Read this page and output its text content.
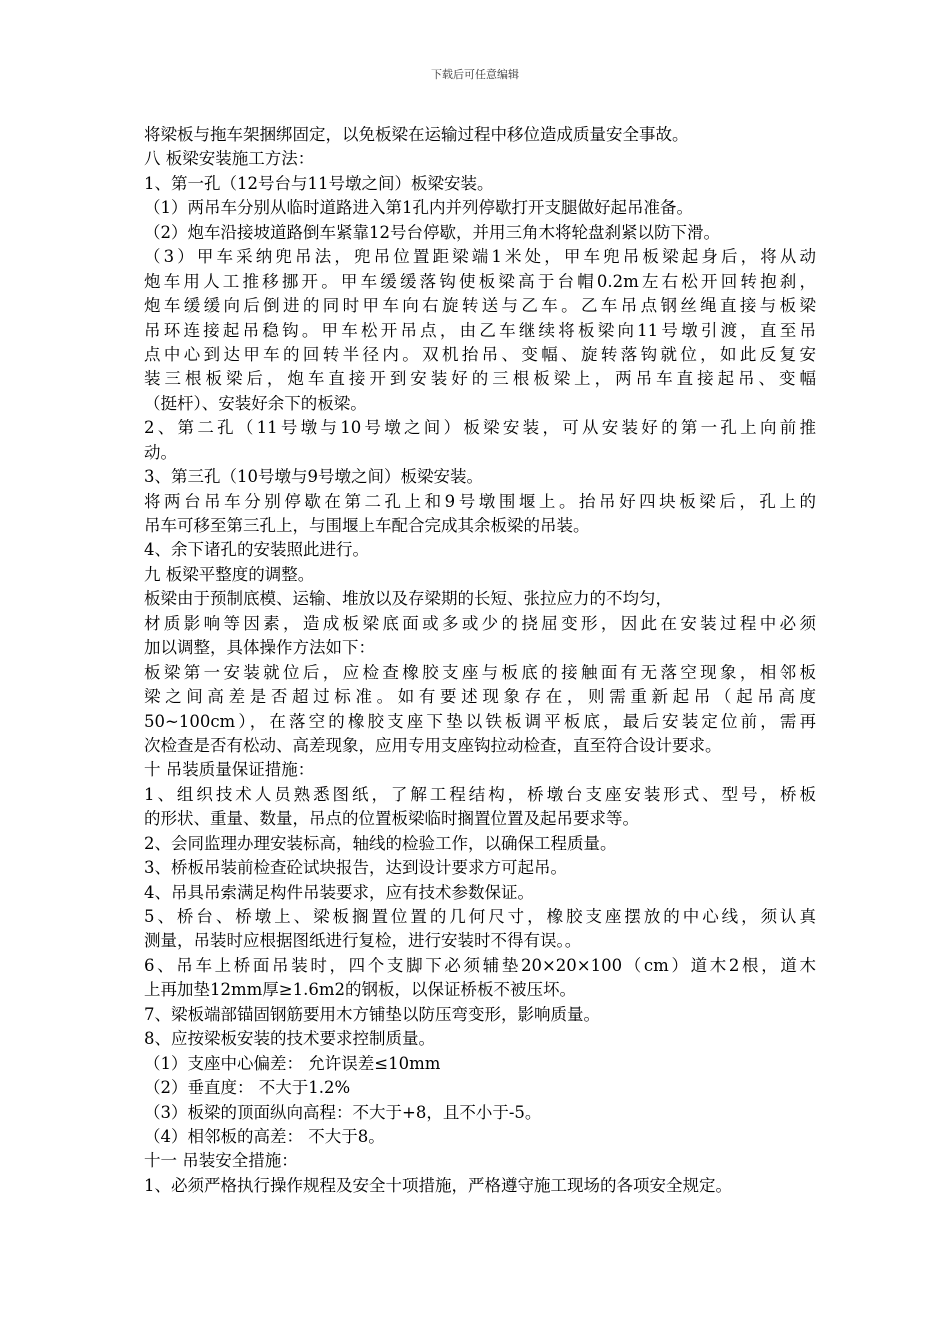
下载后可任意编辑
将梁板与拖车架捆绑固定，以免板梁在运输过程中移位造成质量安全事故。
八 板梁安装施工方法：
1、第一孔（12号台与11号墩之间）板梁安装。
（1）两吊车分别从临时道路进入第1孔内并列停歇打开支腿做好起吊准备。
（2）炮车沿接坡道路倒车紧靠12号台停歇，并用三角木将轮盘刹紧以防下滑。
（3）甲车采纳兜吊法，兜吊位置距梁端1米处，甲车兜吊板梁起身后，将从动
炮车用人工推移挪开。甲车缓缓落钩使板梁高于台帽0.2m左右松开回转抱刹，
炮车缓缓向后倒进的同时甲车向右旋转送与乙车。乙车吊点钢丝绳直接与板梁
吊环连接起吊稳钩。甲车松开吊点，由乙车继续将板梁向11号墩引渡，直至吊
点中心到达甲车的回转半径内。双机抬吊、变幅、旋转落钩就位，如此反复安
装三根板梁后，炮车直接开到安装好的三根板梁上，两吊车直接起吊、变幅
（挺杆）、安装好余下的板梁。
2、第二孔（11号墩与10号墩之间）板梁安装，可从安装好的第一孔上向前推
动。
3、第三孔（10号墩与9号墩之间）板梁安装。
将两台吊车分别停歇在第二孔上和9号墩围堰上。抬吊好四块板梁后，孔上的
吊车可移至第三孔上，与围堰上车配合完成其余板梁的吊装。
4、余下诸孔的安装照此进行。
九 板梁平整度的调整。
板梁由于预制底模、运输、堆放以及存梁期的长短、张拉应力的不均匀，
材质影响等因素，造成板梁底面或多或少的挠屈变形，因此在安装过程中必须
加以调整，具体操作方法如下：
板梁第一安装就位后，应检查橡胶支座与板底的接触面有无落空现象，相邻板
梁之间高差是否超过标准。如有要述现象存在，则需重新起吊（起吊高度
50~100cm），在落空的橡胶支座下垫以铁板调平板底，最后安装定位前，需再
次检查是否有松动、高差现象，应用专用支座钩拉动检查，直至符合设计要求。
十 吊装质量保证措施：
1、组织技术人员熟悉图纸，了解工程结构，桥墩台支座安装形式、型号，桥板
的形状、重量、数量，吊点的位置板梁临时搁置位置及起吊要求等。
2、会同监理办理安装标高，轴线的检验工作，以确保工程质量。
3、桥板吊装前检查砼试块报告，达到设计要求方可起吊。
4、吊具吊索满足构件吊装要求，应有技术参数保证。
5、桥台、桥墩上、梁板搁置位置的几何尺寸，橡胶支座摆放的中心线，须认真
测量，吊装时应根据图纸进行复检，进行安装时不得有误。。
6、吊车上桥面吊装时，四个支脚下必须辅垫20×20×100（cm）道木2根，道木
上再加垫12mm厚≥1.6m2的钢板，以保证桥板不被压坏。
7、梁板端部锚固钢筋要用木方铺垫以防压弯变形，影响质量。
8、应按梁板安装的技术要求控制质量。
（1）支座中心偏差： 允许误差≤10mm
（2）垂直度： 不大于1.2%
（3）板梁的顶面纵向高程：不大于+8，且不小于-5。
（4）相邻板的高差： 不大于8。
十一 吊装安全措施：
1、必须严格执行操作规程及安全十项措施，严格遵守施工现场的各项安全规定。
